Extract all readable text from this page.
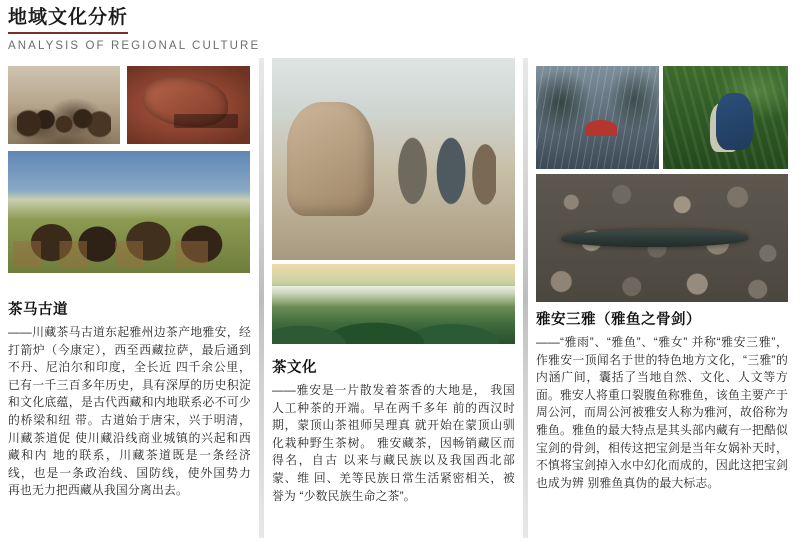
地域文化分析
ANALYSIS OF REGIONAL CULTURE
茶马古道
——川藏茶马古道东起雅州边茶产地雅安，经打箭炉（今康定），西至西藏拉萨，最后通到不丹、尼泊尔和印度，全长近 四千余公里，已有一千三百多年历史，具有深厚的历史积淀和文化底蕴，是古代西藏和内地联系必不可少的桥梁和纽 带。古道始于唐宋，兴于明清，川藏茶道促 使川藏沿线商业城镇的兴起和西藏和内 地的联系，川藏茶道既是一条经济线，也是一条政治线、国防线，使外国势力 再也无力把西藏从我国分离出去。
茶文化
——雅安是一片散发着茶香的大地是， 我国人工种茶的开端。早在两千多年 前的西汉时期，蒙顶山茶祖师吴理真 就开始在蒙顶山驯化栽种野生茶树。 雅安藏茶，因畅销藏区而得名，自古 以来与藏民族以及我国西北部蒙、维 回、羌等民族日常生活紧密相关，被 誉为 “少数民族生命之茶”。
雅安三雅（雅鱼之骨剑）
——“雅雨”、“雅鱼”、“雅女” 并称“雅安三雅”，作雅安一顶闻名于世的特色地方文化，“三雅”的内涵广间，囊括了当地自然、文化、人文等方面。雅安人将重口裂腹鱼称雅鱼，该鱼主要产于周公河，而周公河被雅安人称为雅河，故俗称为雅鱼。雅鱼的最大特点是其头部内藏有一把酷似宝剑的骨剑，相传这把宝剑是当年女娲补天时，不慎将宝剑掉入水中幻化而成的，因此这把宝剑也成为辨 别雅鱼真伪的最大标志。
